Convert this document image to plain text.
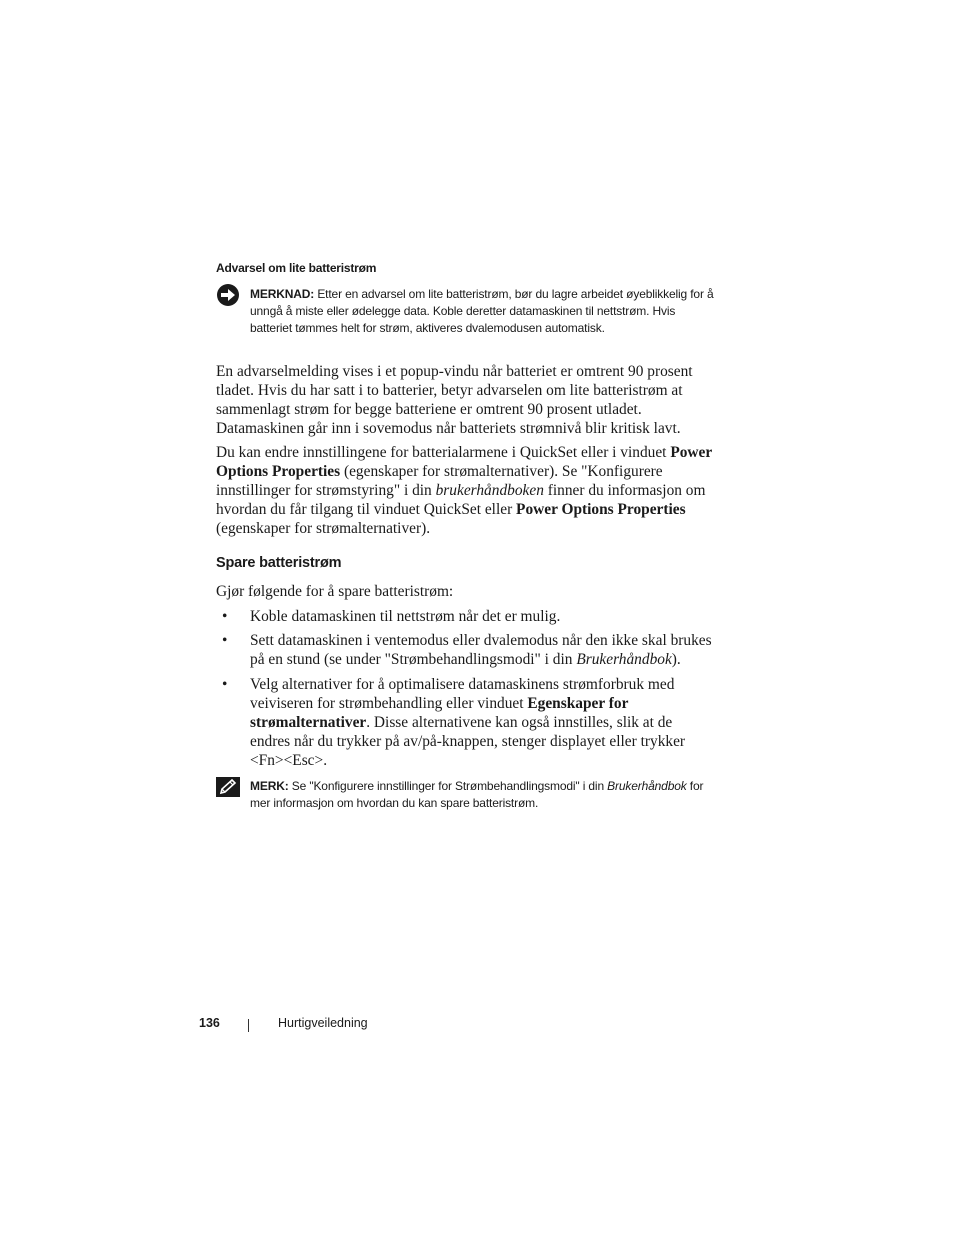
Advarsel om lite batteristrøm
MERKNAD: Etter en advarsel om lite batteristrøm, bør du lagre arbeidet øyeblikkelig for å unngå å miste eller ødelegge data. Koble deretter datamaskinen til nettstrøm. Hvis batteriet tømmes helt for strøm, aktiveres dvalemodusen automatisk.

En advarselmelding vises i et popup-vindu når batteriet er omtrent 90 prosent tladet. Hvis du har satt i to batterier, betyr advarselen om lite batteristrøm at sammenlagt strøm for begge batteriene er omtrent 90 prosent utladet. Datamaskinen går inn i sovemodus når batteriets strømnivå blir kritisk lavt.

Du kan endre innstillingene for batterialarmene i QuickSet eller i vinduet Power Options Properties (egenskaper for strømalternativer). Se "Konfigurere innstillinger for strømstyring" i din brukerhåndboken finner du informasjon om hvordan du får tilgang til vinduet QuickSet eller Power Options Properties (egenskaper for strømalternativer).

Spare batteristrøm

Gjør følgende for å spare batteristrøm:

• Koble datamaskinen til nettstrøm når det er mulig.
• Sett datamaskinen i ventemodus eller dvalemodus når den ikke skal brukes på en stund (se under "Strømbehandlingsmodi" i din Brukerhåndbok).
• Velg alternativer for å optimalisere datamaskinens strømforbruk med veiviseren for strømbehandling eller vinduet Egenskaper for strømalternativer. Disse alternativene kan også innstilles, slik at de endres når du trykker på av/på-knappen, stenger displayet eller trykker <Fn><Esc>.
MERK: Se "Konfigurere innstillinger for Strømbehandlingsmodi" i din Brukerhåndbok for mer informasjon om hvordan du kan spare batteristrøm.
136	Hurtigveiledning
